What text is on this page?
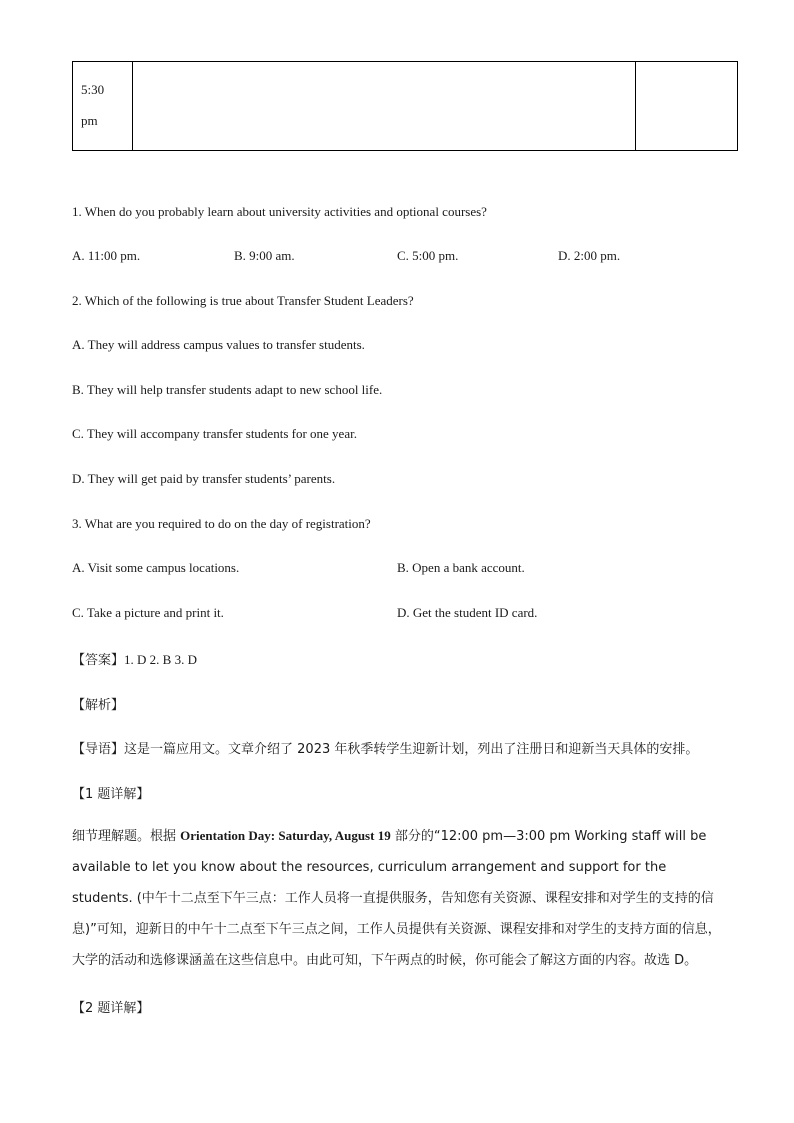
5:30
pm
1. When do you probably learn about university activities and optional courses?
A. 11:00 pm.	B. 9:00 am.	C. 5:00 pm.	D. 2:00 pm.
2. Which of the following is true about Transfer Student Leaders?
A. They will address campus values to transfer students.
B. They will help transfer students adapt to new school life.
C. They will accompany transfer students for one year.
D. They will get paid by transfer students’ parents.
3. What are you required to do on the day of registration?
A. Visit some campus locations.	B. Open a bank account.
C. Take a picture and print it.	D. Get the student ID card.
【答案】1. D 2. B 3. D
【解析】
【导语】这是一篇应用文。文章介绍了 2023 年秋季转学生迎新计划，列出了注册日和迎新当天具体的安排。
【1 题详解】
细节理解题。根据 Orientation Day: Saturday, August 19 部分的“12:00 pm—3:00 pm Working staff will be available to let you know about the resources, curriculum arrangement and support for the students. (中午十二点至下午三点：工作人员将一直提供服务，告知您有关资源、课程安排和对学生的支持的信息)”可知，迎新日的中午十二点至下午三点之间，工作人员提供有关资源、课程安排和对学生的支持方面的信息，大学的活动和选修课涵盖在这些信息中。由此可知，下午两点的时候，你可能会了解这方面的内容。故选 D。
【2 题详解】
